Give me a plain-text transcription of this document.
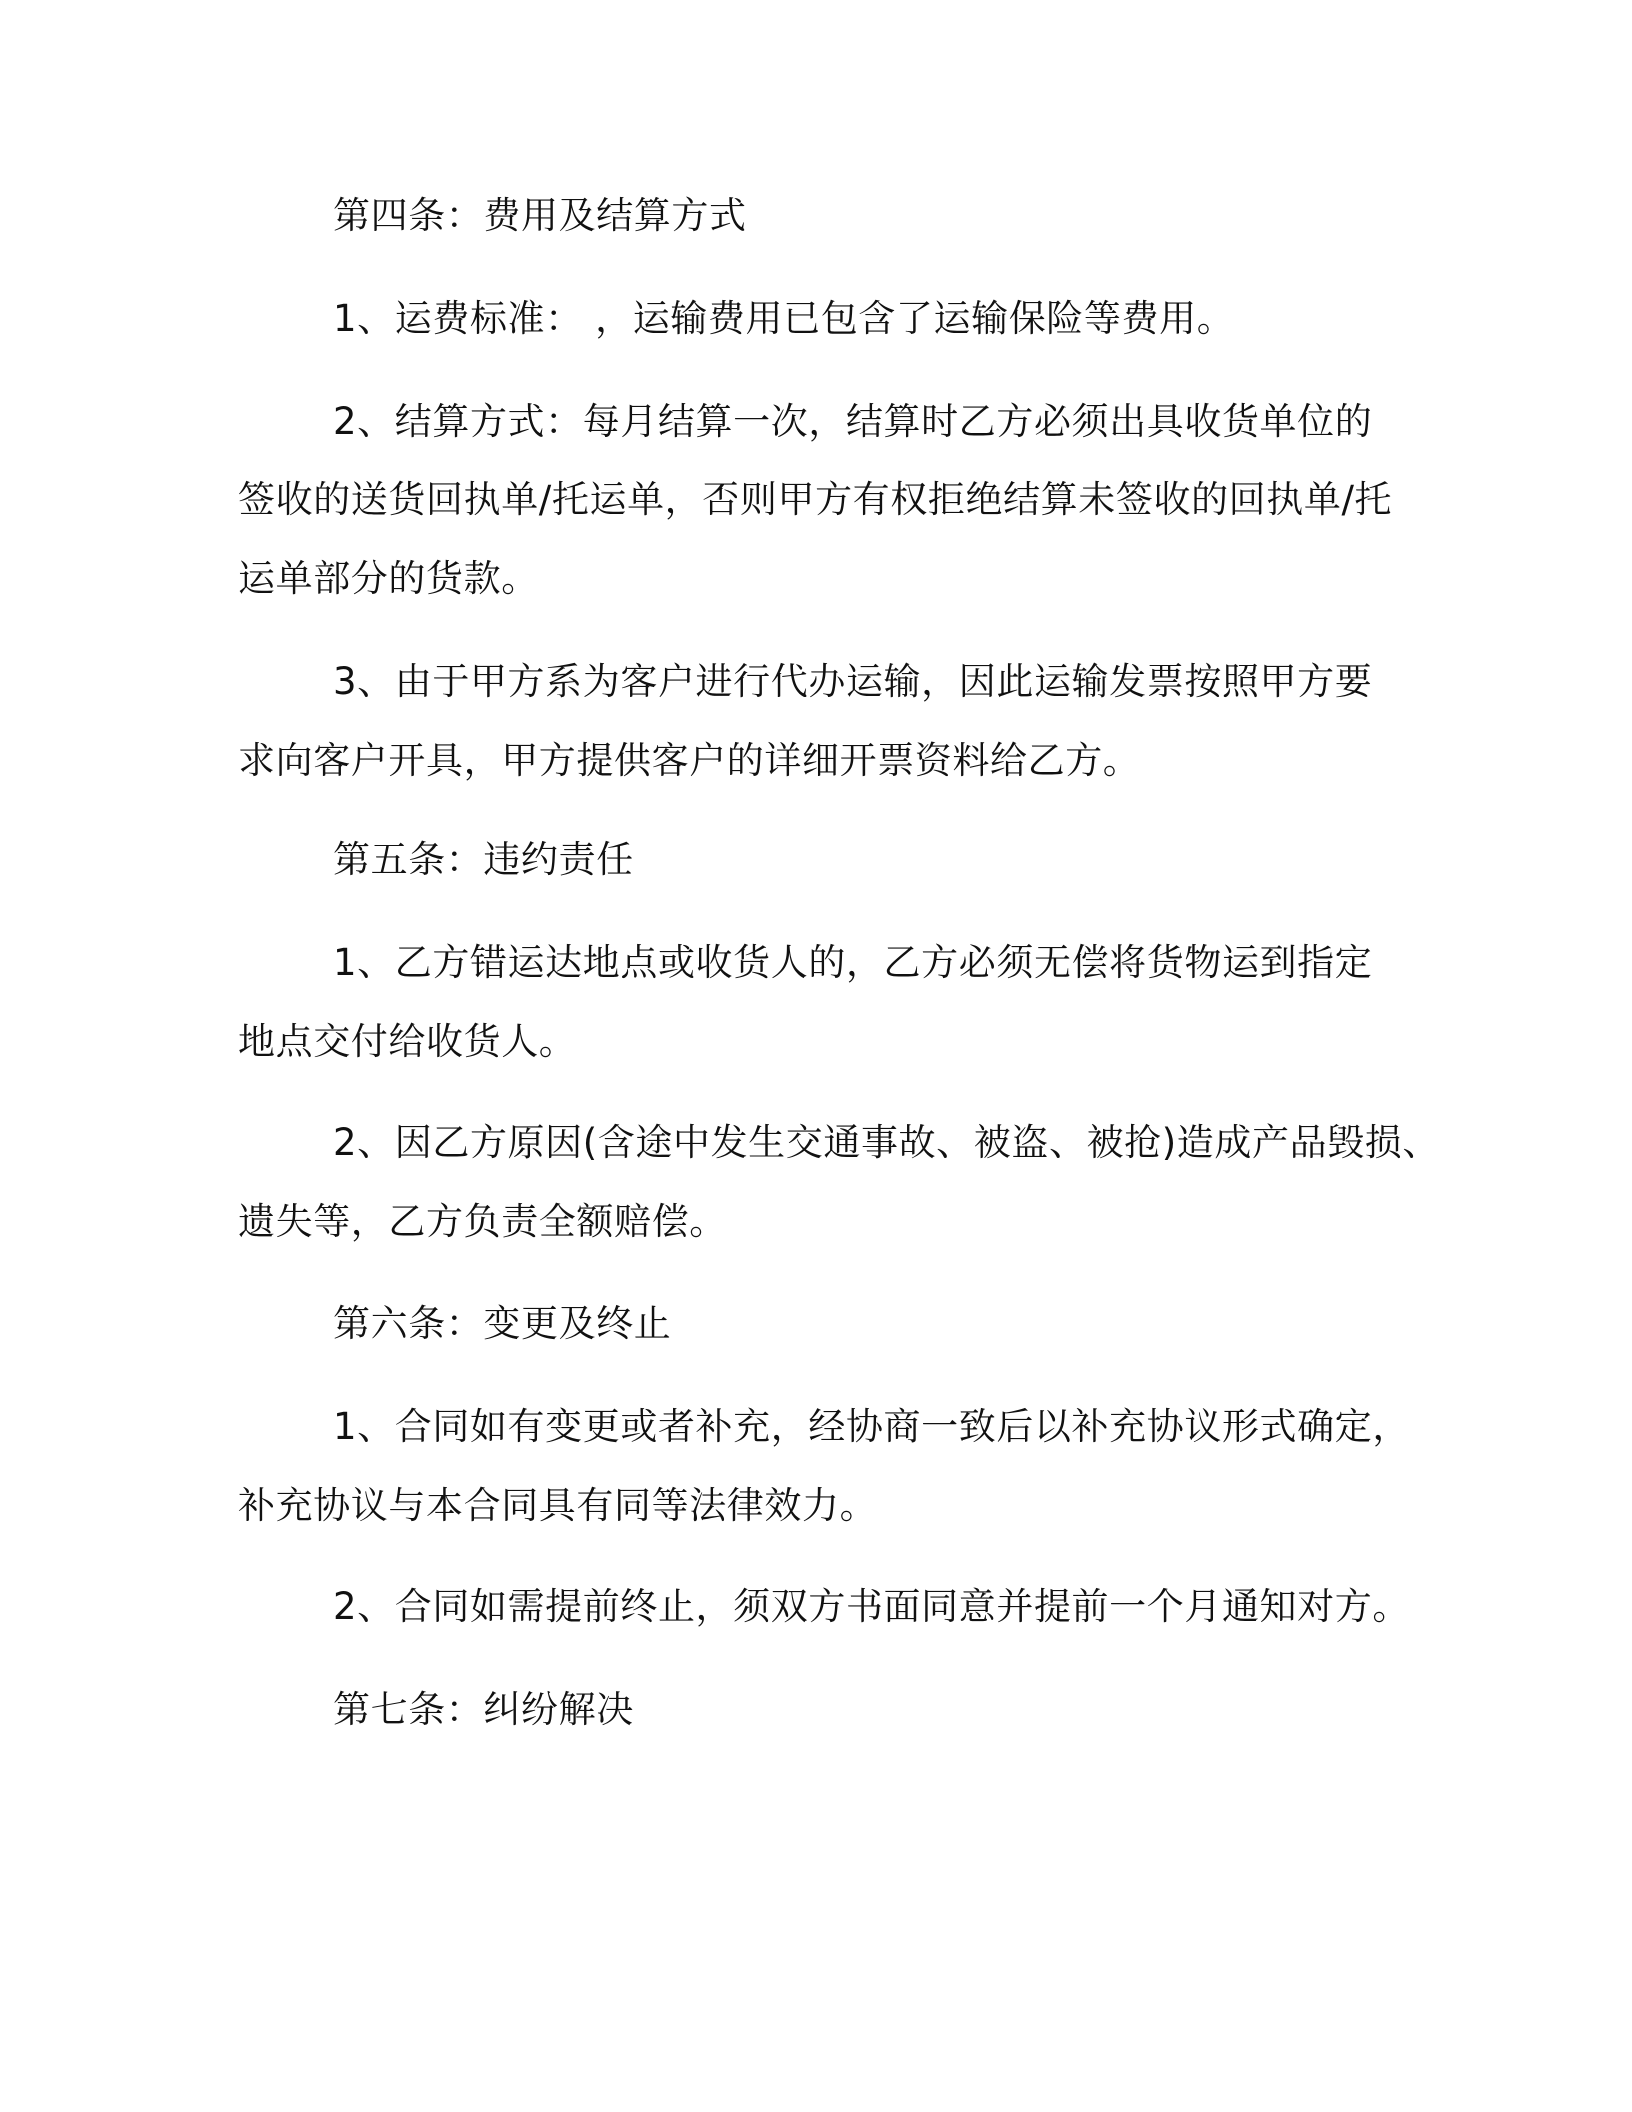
第四条：费用及结算方式
1、运费标准： ，运输费用已包含了运输保险等费用。
2、结算方式：每月结算一次，结算时乙方必须出具收货单位的
签收的送货回执单/托运单，否则甲方有权拒绝结算未签收的回执单/托
运单部分的货款。
3、由于甲方系为客户进行代办运输，因此运输发票按照甲方要
求向客户开具，甲方提供客户的详细开票资料给乙方。
第五条：违约责任
1、乙方错运达地点或收货人的，乙方必须无偿将货物运到指定
地点交付给收货人。
2、因乙方原因(含途中发生交通事故、被盗、被抢)造成产品毁损、
遗失等，乙方负责全额赔偿。
第六条：变更及终止
1、合同如有变更或者补充，经协商一致后以补充协议形式确定，
补充协议与本合同具有同等法律效力。
2、合同如需提前终止，须双方书面同意并提前一个月通知对方。
第七条：纠纷解决
